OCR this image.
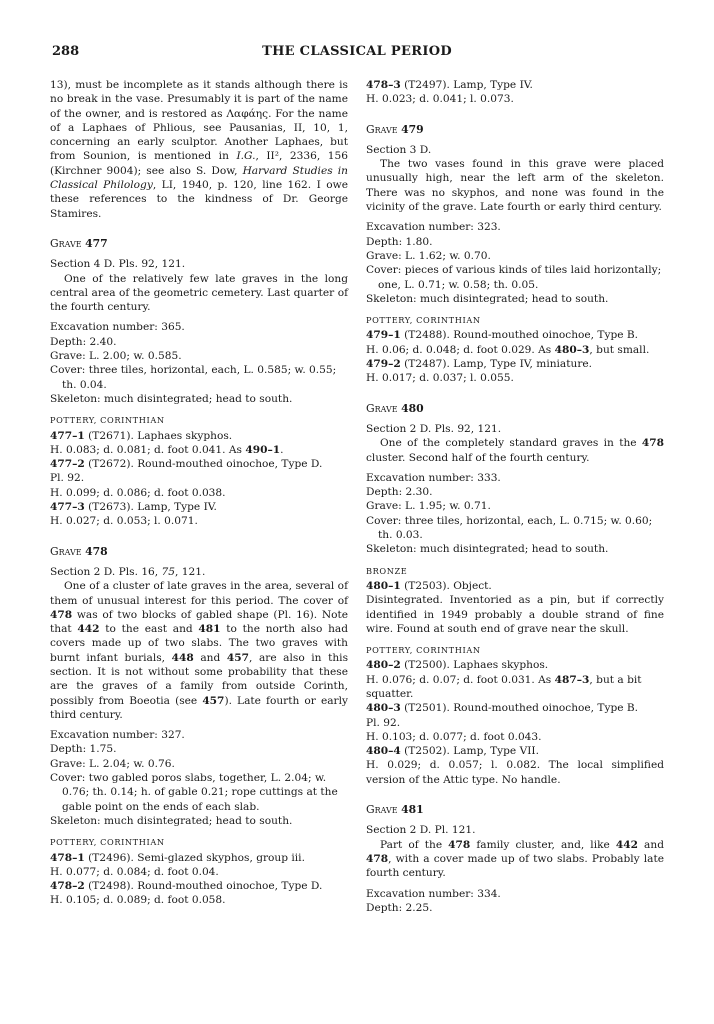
288	THE CLASSICAL PERIOD

13), must be incomplete as it stands although there is no break in the vase. Presumably it is part of the name of the owner, and is restored as Λαφάης. For the name of a Laphaes of Phlious, see Pausanias, II, 10, 1, concerning an early sculptor. Another Laphaes, but from Sounion, is mentioned in I.G., II², 2336, 156 (Kirchner 9004); see also S. Dow, Harvard Studies in Classical Philology, LI, 1940, p. 120, line 162. I owe these references to the kindness of Dr. George Stamires.

Grave 477

Section 4 D. Pls. 92, 121.

One of the relatively few late graves in the long central area of the geometric cemetery. Last quarter of the fourth century.

Excavation number: 365.

Depth: 2.40.

Grave: L. 2.00; w. 0.585.

Cover: three tiles, horizontal, each, L. 0.585; w. 0.55; th. 0.04.

Skeleton: much disintegrated; head to south.

POTTERY, CORINTHIAN

477–1 (T2671). Laphaes skyphos.

H. 0.083; d. 0.081; d. foot 0.041. As 490–1.

477–2 (T2672). Round-mouthed oinochoe, Type D.

Pl. 92.

H. 0.099; d. 0.086; d. foot 0.038.

477–3 (T2673). Lamp, Type IV.

H. 0.027; d. 0.053; l. 0.071.

Grave 478

Section 2 D. Pls. 16, 75, 121.

One of a cluster of late graves in the area, several of them of unusual interest for this period. The cover of 478 was of two blocks of gabled shape (Pl. 16). Note that 442 to the east and 481 to the north also had covers made up of two slabs. The two graves with burnt infant burials, 448 and 457, are also in this section. It is not without some probability that these are the graves of a family from outside Corinth, possibly from Boeotia (see 457). Late fourth or early third century.

Excavation number: 327.

Depth: 1.75.

Grave: L. 2.04; w. 0.76.

Cover: two gabled poros slabs, together, L. 2.04; w. 0.76; th. 0.14; h. of gable 0.21; rope cuttings at the gable point on the ends of each slab.

Skeleton: much disintegrated; head to south.

POTTERY, CORINTHIAN

478–1 (T2496). Semi-glazed skyphos, group iii.

H. 0.077; d. 0.084; d. foot 0.04.

478–2 (T2498). Round-mouthed oinochoe, Type D.

H. 0.105; d. 0.089; d. foot 0.058.

478–3 (T2497). Lamp, Type IV.

H. 0.023; d. 0.041; l. 0.073.

Grave 479

Section 3 D.

The two vases found in this grave were placed unusually high, near the left arm of the skeleton. There was no skyphos, and none was found in the vicinity of the grave. Late fourth or early third century.

Excavation number: 323.

Depth: 1.80.

Grave: L. 1.62; w. 0.70.

Cover: pieces of various kinds of tiles laid horizontally; one, L. 0.71; w. 0.58; th. 0.05.

Skeleton: much disintegrated; head to south.

POTTERY, CORINTHIAN

479–1 (T2488). Round-mouthed oinochoe, Type B.

H. 0.06; d. 0.048; d. foot 0.029. As 480–3, but small.

479–2 (T2487). Lamp, Type IV, miniature.

H. 0.017; d. 0.037; l. 0.055.

Grave 480

Section 2 D. Pls. 92, 121.

One of the completely standard graves in the 478 cluster. Second half of the fourth century.

Excavation number: 333.

Depth: 2.30.

Grave: L. 1.95; w. 0.71.

Cover: three tiles, horizontal, each, L. 0.715; w. 0.60; th. 0.03.

Skeleton: much disintegrated; head to south.

BRONZE

480–1 (T2503). Object.

Disintegrated. Inventoried as a pin, but if correctly identified in 1949 probably a double strand of fine wire. Found at south end of grave near the skull.

POTTERY, CORINTHIAN

480–2 (T2500). Laphaes skyphos.

H. 0.076; d. 0.07; d. foot 0.031. As 487–3, but a bit squatter.

480–3 (T2501). Round-mouthed oinochoe, Type B.

Pl. 92.

H. 0.103; d. 0.077; d. foot 0.043.

480–4 (T2502). Lamp, Type VII.

H. 0.029; d. 0.057; l. 0.082. The local simplified version of the Attic type. No handle.

Grave 481

Section 2 D. Pl. 121.

Part of the 478 family cluster, and, like 442 and 478, with a cover made up of two slabs. Probably late fourth century.

Excavation number: 334.

Depth: 2.25.
